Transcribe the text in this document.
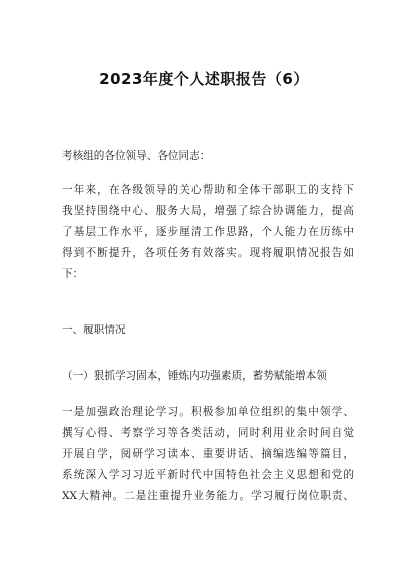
2023年度个人述职报告（6）
考核组的各位领导、各位同志：
一年来，在各级领导的关心帮助和全体干部职工的支持下
我坚持围绕中心、服务大局，增强了综合协调能力，提高
了基层工作水平，逐步厘清工作思路，个人能力在历练中
得到不断提升，各项任务有效落实。现将履职情况报告如
下：
一、履职情况
（一）狠抓学习固本，锤炼内功强素质，蓄势赋能增本领
一是加强政治理论学习。积极参加单位组织的集中领学、
撰写心得、考察学习等各类活动，同时利用业余时间自觉
开展自学，阅研学习读本、重要讲话、摘编选编等篇目，
系统深入学习习近平新时代中国特色社会主义思想和党的
XX大精神。二是注重提升业务能力。学习履行岗位职责、
